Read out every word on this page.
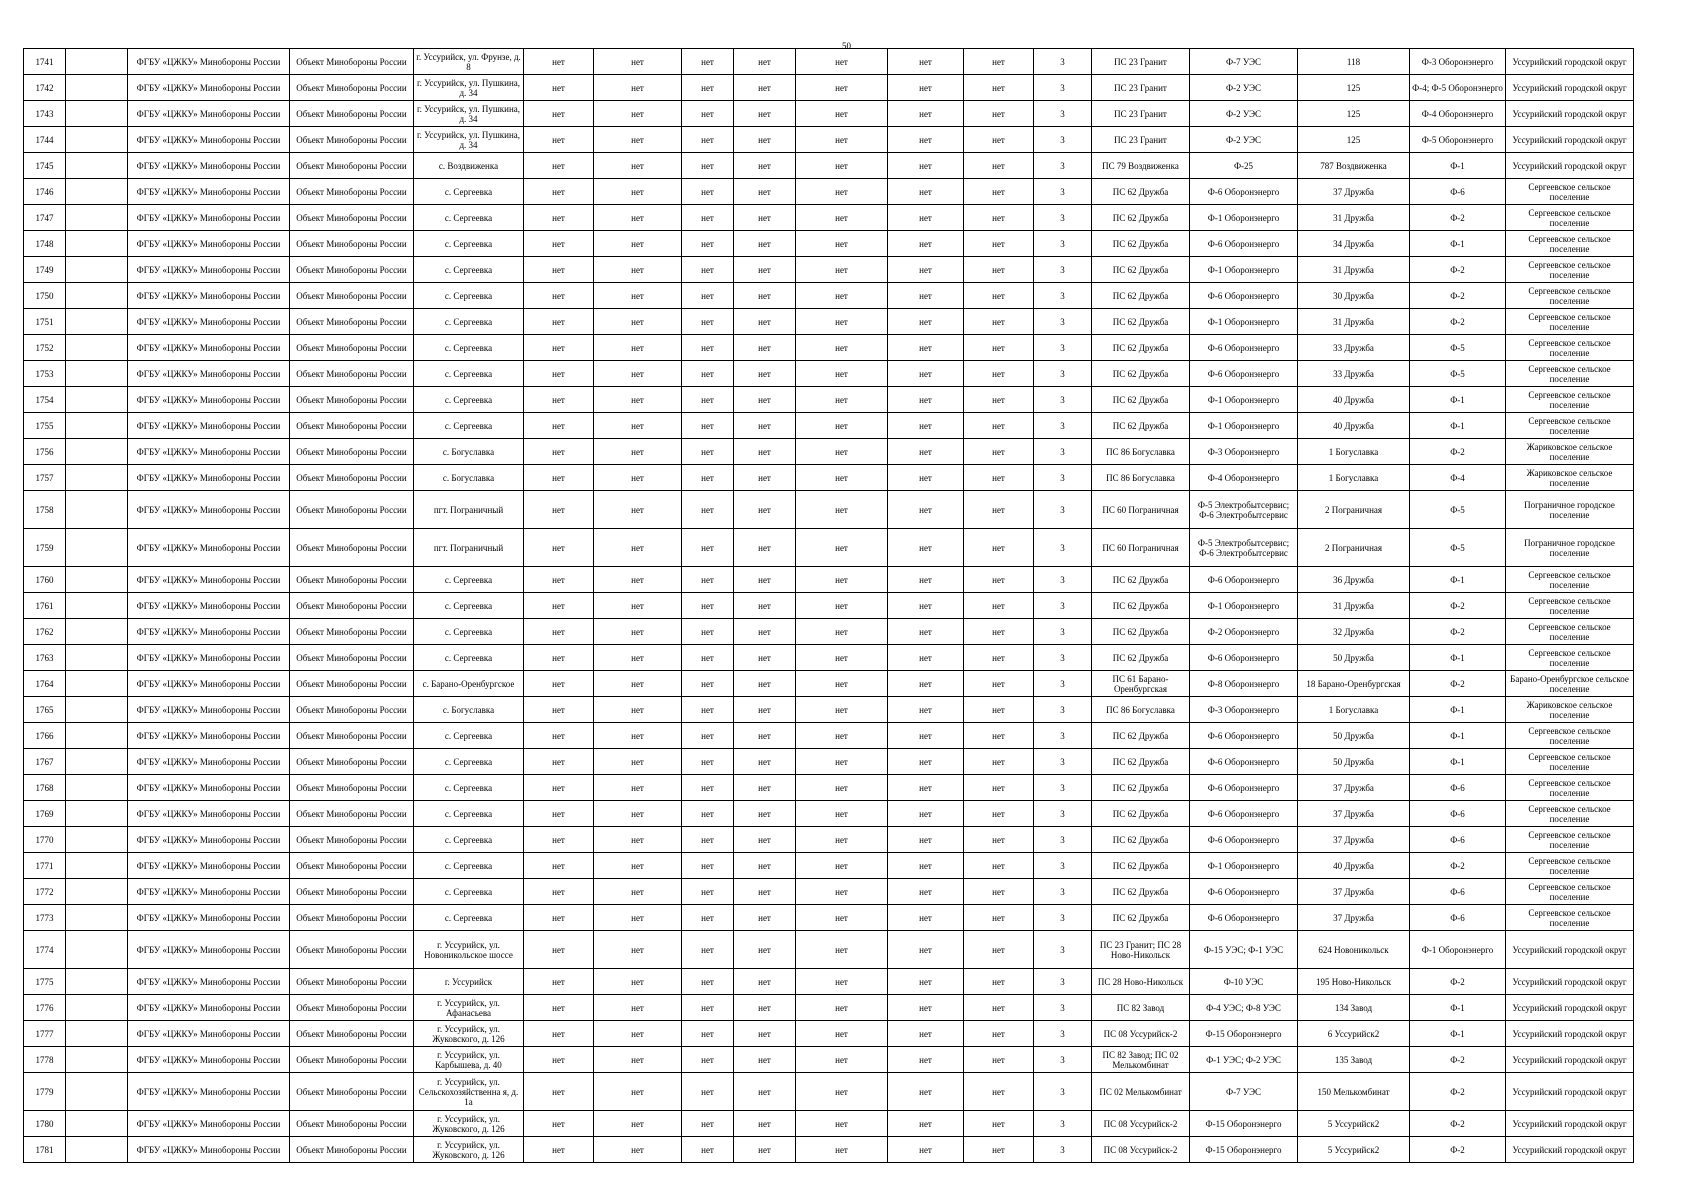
50
1741		ФГБУ «ЦЖКУ» Минобороны России	Объект Минобороны России	г. Уссурийск, ул. Фрунзе, д. 8	нет	нет	нет	нет	нет	нет	нет	3	ПС 23 Гранит	Ф-7 УЭС	118	Ф-3 Оборонэнерго	Уссурийский городской округ
1742		ФГБУ «ЦЖКУ» Минобороны России	Объект Минобороны России	г. Уссурийск, ул. Пушкина, д. 34	нет	нет	нет	нет	нет	нет	нет	3	ПС 23 Гранит	Ф-2 УЭС	125	Ф-4; Ф-5 Оборонэнерго	Уссурийский городской округ
1743		ФГБУ «ЦЖКУ» Минобороны России	Объект Минобороны России	г. Уссурийск, ул. Пушкина, д. 34	нет	нет	нет	нет	нет	нет	нет	3	ПС 23 Гранит	Ф-2 УЭС	125	Ф-4 Оборонэнерго	Уссурийский городской округ
1744		ФГБУ «ЦЖКУ» Минобороны России	Объект Минобороны России	г. Уссурийск, ул. Пушкина, д. 34	нет	нет	нет	нет	нет	нет	нет	3	ПС 23 Гранит	Ф-2 УЭС	125	Ф-5 Оборонэнерго	Уссурийский городской округ
1745		ФГБУ «ЦЖКУ» Минобороны России	Объект Минобороны России	с. Воздвиженка	нет	нет	нет	нет	нет	нет	нет	3	ПС 79 Воздвиженка	Ф-25	787 Воздвиженка	Ф-1	Уссурийский городской округ
1746		ФГБУ «ЦЖКУ» Минобороны России	Объект Минобороны России	с. Сергеевка	нет	нет	нет	нет	нет	нет	нет	3	ПС 62 Дружба	Ф-6 Оборонэнерго	37 Дружба	Ф-6	Сергеевское сельское поселение
1747		ФГБУ «ЦЖКУ» Минобороны России	Объект Минобороны России	с. Сергеевка	нет	нет	нет	нет	нет	нет	нет	3	ПС 62 Дружба	Ф-1 Оборонэнерго	31 Дружба	Ф-2	Сергеевское сельское поселение
1748		ФГБУ «ЦЖКУ» Минобороны России	Объект Минобороны России	с. Сергеевка	нет	нет	нет	нет	нет	нет	нет	3	ПС 62 Дружба	Ф-6 Оборонэнерго	34 Дружба	Ф-1	Сергеевское сельское поселение
1749		ФГБУ «ЦЖКУ» Минобороны России	Объект Минобороны России	с. Сергеевка	нет	нет	нет	нет	нет	нет	нет	3	ПС 62 Дружба	Ф-1 Оборонэнерго	31 Дружба	Ф-2	Сергеевское сельское поселение
1750		ФГБУ «ЦЖКУ» Минобороны России	Объект Минобороны России	с. Сергеевка	нет	нет	нет	нет	нет	нет	нет	3	ПС 62 Дружба	Ф-6 Оборонэнерго	30 Дружба	Ф-2	Сергеевское сельское поселение
1751		ФГБУ «ЦЖКУ» Минобороны России	Объект Минобороны России	с. Сергеевка	нет	нет	нет	нет	нет	нет	нет	3	ПС 62 Дружба	Ф-1 Оборонэнерго	31 Дружба	Ф-2	Сергеевское сельское поселение
1752		ФГБУ «ЦЖКУ» Минобороны России	Объект Минобороны России	с. Сергеевка	нет	нет	нет	нет	нет	нет	нет	3	ПС 62 Дружба	Ф-6 Оборонэнерго	33 Дружба	Ф-5	Сергеевское сельское поселение
1753		ФГБУ «ЦЖКУ» Минобороны России	Объект Минобороны России	с. Сергеевка	нет	нет	нет	нет	нет	нет	нет	3	ПС 62 Дружба	Ф-6 Оборонэнерго	33 Дружба	Ф-5	Сергеевское сельское поселение
1754		ФГБУ «ЦЖКУ» Минобороны России	Объект Минобороны России	с. Сергеевка	нет	нет	нет	нет	нет	нет	нет	3	ПС 62 Дружба	Ф-1 Оборонэнерго	40 Дружба	Ф-1	Сергеевское сельское поселение
1755		ФГБУ «ЦЖКУ» Минобороны России	Объект Минобороны России	с. Сергеевка	нет	нет	нет	нет	нет	нет	нет	3	ПС 62 Дружба	Ф-1 Оборонэнерго	40 Дружба	Ф-1	Сергеевское сельское поселение
1756		ФГБУ «ЦЖКУ» Минобороны России	Объект Минобороны России	с. Богуславка	нет	нет	нет	нет	нет	нет	нет	3	ПС 86 Богуславка	Ф-3 Оборонэнерго	1 Богуславка	Ф-2	Жариковское сельское поселение
1757		ФГБУ «ЦЖКУ» Минобороны России	Объект Минобороны России	с. Богуславка	нет	нет	нет	нет	нет	нет	нет	3	ПС 86 Богуславка	Ф-4 Оборонэнерго	1 Богуславка	Ф-4	Жариковское сельское поселение
1758		ФГБУ «ЦЖКУ» Минобороны России	Объект Минобороны России	пгт. Пограничный	нет	нет	нет	нет	нет	нет	нет	3	ПС 60 Пограничная	Ф-5 Электробытсервис; Ф-6 Электробытсервис	2 Пограничная	Ф-5	Пограничное городское поселение
1759		ФГБУ «ЦЖКУ» Минобороны России	Объект Минобороны России	пгт. Пограничный	нет	нет	нет	нет	нет	нет	нет	3	ПС 60 Пограничная	Ф-5 Электробытсервис; Ф-6 Электробытсервис	2 Пограничная	Ф-5	Пограничное городское поселение
1760		ФГБУ «ЦЖКУ» Минобороны России	Объект Минобороны России	с. Сергеевка	нет	нет	нет	нет	нет	нет	нет	3	ПС 62 Дружба	Ф-6 Оборонэнерго	36 Дружба	Ф-1	Сергеевское сельское поселение
1761		ФГБУ «ЦЖКУ» Минобороны России	Объект Минобороны России	с. Сергеевка	нет	нет	нет	нет	нет	нет	нет	3	ПС 62 Дружба	Ф-1 Оборонэнерго	31 Дружба	Ф-2	Сергеевское сельское поселение
1762		ФГБУ «ЦЖКУ» Минобороны России	Объект Минобороны России	с. Сергеевка	нет	нет	нет	нет	нет	нет	нет	3	ПС 62 Дружба	Ф-2 Оборонэнерго	32 Дружба	Ф-2	Сергеевское сельское поселение
1763		ФГБУ «ЦЖКУ» Минобороны России	Объект Минобороны России	с. Сергеевка	нет	нет	нет	нет	нет	нет	нет	3	ПС 62 Дружба	Ф-6 Оборонэнерго	50 Дружба	Ф-1	Сергеевское сельское поселение
1764		ФГБУ «ЦЖКУ» Минобороны России	Объект Минобороны России	с. Барано-Оренбургское	нет	нет	нет	нет	нет	нет	нет	3	ПС 61 Барано-Оренбургская	Ф-8 Оборонэнерго	18 Барано-Оренбургская	Ф-2	Барано-Оренбургское сельское поселение
1765		ФГБУ «ЦЖКУ» Минобороны России	Объект Минобороны России	с. Богуславка	нет	нет	нет	нет	нет	нет	нет	3	ПС 86 Богуславка	Ф-3 Оборонэнерго	1 Богуславка	Ф-1	Жариковское сельское поселение
1766		ФГБУ «ЦЖКУ» Минобороны России	Объект Минобороны России	с. Сергеевка	нет	нет	нет	нет	нет	нет	нет	3	ПС 62 Дружба	Ф-6 Оборонэнерго	50 Дружба	Ф-1	Сергеевское сельское поселение
1767		ФГБУ «ЦЖКУ» Минобороны России	Объект Минобороны России	с. Сергеевка	нет	нет	нет	нет	нет	нет	нет	3	ПС 62 Дружба	Ф-6 Оборонэнерго	50 Дружба	Ф-1	Сергеевское сельское поселение
1768		ФГБУ «ЦЖКУ» Минобороны России	Объект Минобороны России	с. Сергеевка	нет	нет	нет	нет	нет	нет	нет	3	ПС 62 Дружба	Ф-6 Оборонэнерго	37 Дружба	Ф-6	Сергеевское сельское поселение
1769		ФГБУ «ЦЖКУ» Минобороны России	Объект Минобороны России	с. Сергеевка	нет	нет	нет	нет	нет	нет	нет	3	ПС 62 Дружба	Ф-6 Оборонэнерго	37 Дружба	Ф-6	Сергеевское сельское поселение
1770		ФГБУ «ЦЖКУ» Минобороны России	Объект Минобороны России	с. Сергеевка	нет	нет	нет	нет	нет	нет	нет	3	ПС 62 Дружба	Ф-6 Оборонэнерго	37 Дружба	Ф-6	Сергеевское сельское поселение
1771		ФГБУ «ЦЖКУ» Минобороны России	Объект Минобороны России	с. Сергеевка	нет	нет	нет	нет	нет	нет	нет	3	ПС 62 Дружба	Ф-1 Оборонэнерго	40 Дружба	Ф-2	Сергеевское сельское поселение
1772		ФГБУ «ЦЖКУ» Минобороны России	Объект Минобороны России	с. Сергеевка	нет	нет	нет	нет	нет	нет	нет	3	ПС 62 Дружба	Ф-6 Оборонэнерго	37 Дружба	Ф-6	Сергеевское сельское поселение
1773		ФГБУ «ЦЖКУ» Минобороны России	Объект Минобороны России	с. Сергеевка	нет	нет	нет	нет	нет	нет	нет	3	ПС 62 Дружба	Ф-6 Оборонэнерго	37 Дружба	Ф-6	Сергеевское сельское поселение
1774		ФГБУ «ЦЖКУ» Минобороны России	Объект Минобороны России	г. Уссурийск, ул. Новоникольское шоссе	нет	нет	нет	нет	нет	нет	нет	3	ПС 23 Гранит; ПС 28 Ново-Никольск	Ф-15 УЭС; Ф-1 УЭС	624 Новоникольск	Ф-1 Оборонэнерго	Уссурийский городской округ
1775		ФГБУ «ЦЖКУ» Минобороны России	Объект Минобороны России	г. Уссурийск	нет	нет	нет	нет	нет	нет	нет	3	ПС 28 Ново-Никольск	Ф-10 УЭС	195 Ново-Никольск	Ф-2	Уссурийский городской округ
1776		ФГБУ «ЦЖКУ» Минобороны России	Объект Минобороны России	г. Уссурийск, ул. Афанасьева	нет	нет	нет	нет	нет	нет	нет	3	ПС 82 Завод	Ф-4 УЭС; Ф-8 УЭС	134 Завод	Ф-1	Уссурийский городской округ
1777		ФГБУ «ЦЖКУ» Минобороны России	Объект Минобороны России	г. Уссурийск, ул. Жуковского, д. 126	нет	нет	нет	нет	нет	нет	нет	3	ПС 08 Уссурийск-2	Ф-15 Оборонэнерго	6 Уссурийск2	Ф-1	Уссурийский городской округ
1778		ФГБУ «ЦЖКУ» Минобороны России	Объект Минобороны России	г. Уссурийск, ул. Карбышева, д. 40	нет	нет	нет	нет	нет	нет	нет	3	ПС 82 Завод; ПС 02 Мелькомбинат	Ф-1 УЭС; Ф-2 УЭС	135 Завод	Ф-2	Уссурийский городской округ
1779		ФГБУ «ЦЖКУ» Минобороны России	Объект Минобороны России	г. Уссурийск, ул. Сельскохозяйственна я, д. 1а	нет	нет	нет	нет	нет	нет	нет	3	ПС 02 Мелькомбинат	Ф-7 УЭС	150 Мелькомбинат	Ф-2	Уссурийский городской округ
1780		ФГБУ «ЦЖКУ» Минобороны России	Объект Минобороны России	г. Уссурийск, ул. Жуковского, д. 126	нет	нет	нет	нет	нет	нет	нет	3	ПС 08 Уссурийск-2	Ф-15 Оборонэнерго	5 Уссурийск2	Ф-2	Уссурийский городской округ
1781		ФГБУ «ЦЖКУ» Минобороны России	Объект Минобороны России	г. Уссурийск, ул. Жуковского, д. 126	нет	нет	нет	нет	нет	нет	нет	3	ПС 08 Уссурийск-2	Ф-15 Оборонэнерго	5 Уссурийск2	Ф-2	Уссурийский городской округ
